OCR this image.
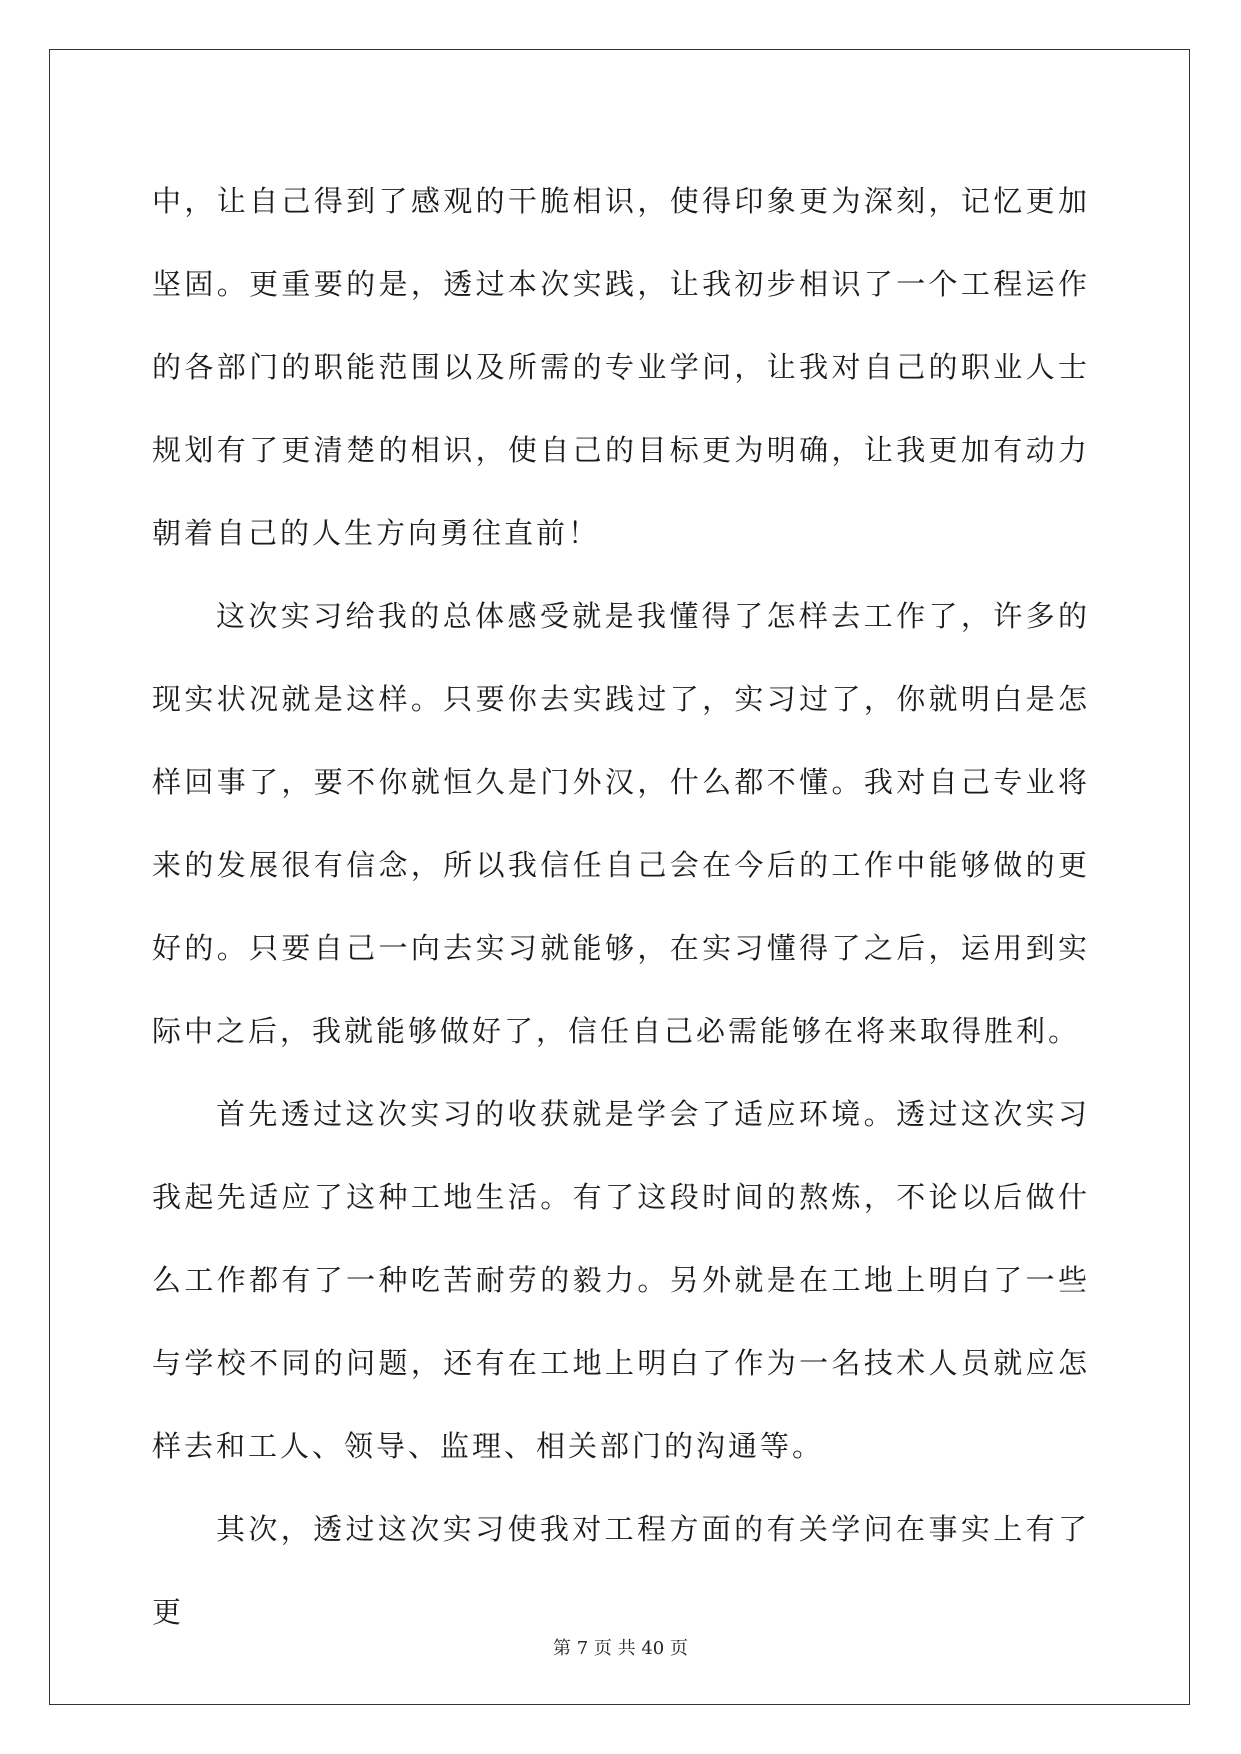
中，让自己得到了感观的干脆相识，使得印象更为深刻，记忆更加坚固。更重要的是，透过本次实践，让我初步相识了一个工程运作的各部门的职能范围以及所需的专业学问，让我对自己的职业人士规划有了更清楚的相识，使自己的目标更为明确，让我更加有动力朝着自己的人生方向勇往直前！

这次实习给我的总体感受就是我懂得了怎样去工作了，许多的现实状况就是这样。只要你去实践过了，实习过了，你就明白是怎样回事了，要不你就恒久是门外汉，什么都不懂。我对自己专业将来的发展很有信念，所以我信任自己会在今后的工作中能够做的更好的。只要自己一向去实习就能够，在实习懂得了之后，运用到实际中之后，我就能够做好了，信任自己必需能够在将来取得胜利。

首先透过这次实习的收获就是学会了适应环境。透过这次实习我起先适应了这种工地生活。有了这段时间的熬炼，不论以后做什么工作都有了一种吃苦耐劳的毅力。另外就是在工地上明白了一些与学校不同的问题，还有在工地上明白了作为一名技术人员就应怎样去和工人、领导、监理、相关部门的沟通等。

其次，透过这次实习使我对工程方面的有关学问在事实上有了更

第 7 页 共 40 页
